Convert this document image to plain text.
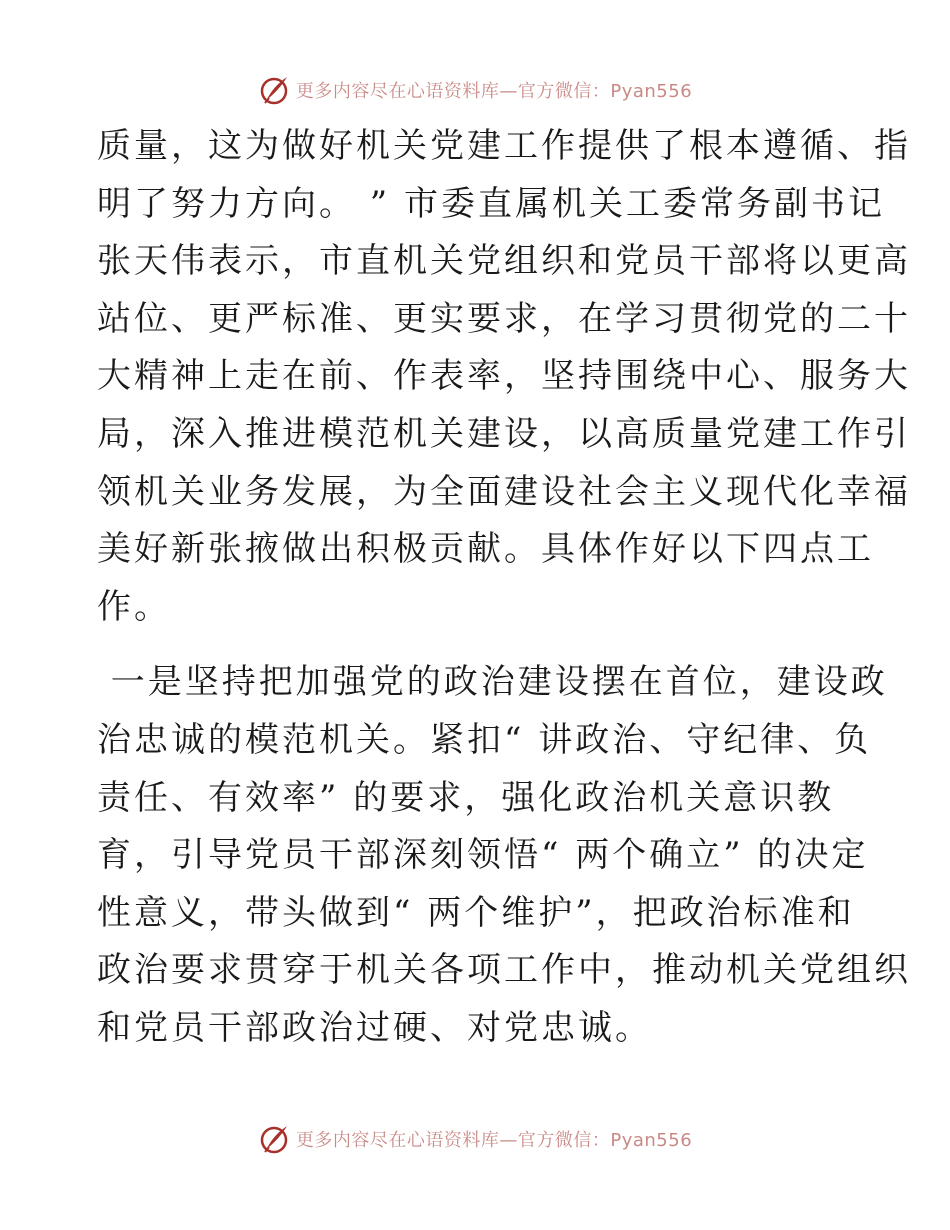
更多内容尽在心语资料库—官方微信：Pyan556
质量，这为做好机关党建工作提供了根本遵循、指
明了努力方向。 ” 市委直属机关工委常务副书记
张天伟表示，市直机关党组织和党员干部将以更高
站位、更严标准、更实要求，在学习贯彻党的二十
大精神上走在前、作表率，坚持围绕中心、服务大
局，深入推进模范机关建设，以高质量党建工作引
领机关业务发展，为全面建设社会主义现代化幸福
美好新张掖做出积极贡献。具体作好以下四点工
作。
一是坚持把加强党的政治建设摆在首位，建设政
治忠诚的模范机关。紧扣“ 讲政治、守纪律、负
责任、有效率” 的要求，强化政治机关意识教
育，引导党员干部深刻领悟“ 两个确立” 的决定
性意义，带头做到“ 两个维护”，把政治标准和
政治要求贯穿于机关各项工作中，推动机关党组织
和党员干部政治过硬、对党忠诚。
更多内容尽在心语资料库—官方微信：Pyan556
